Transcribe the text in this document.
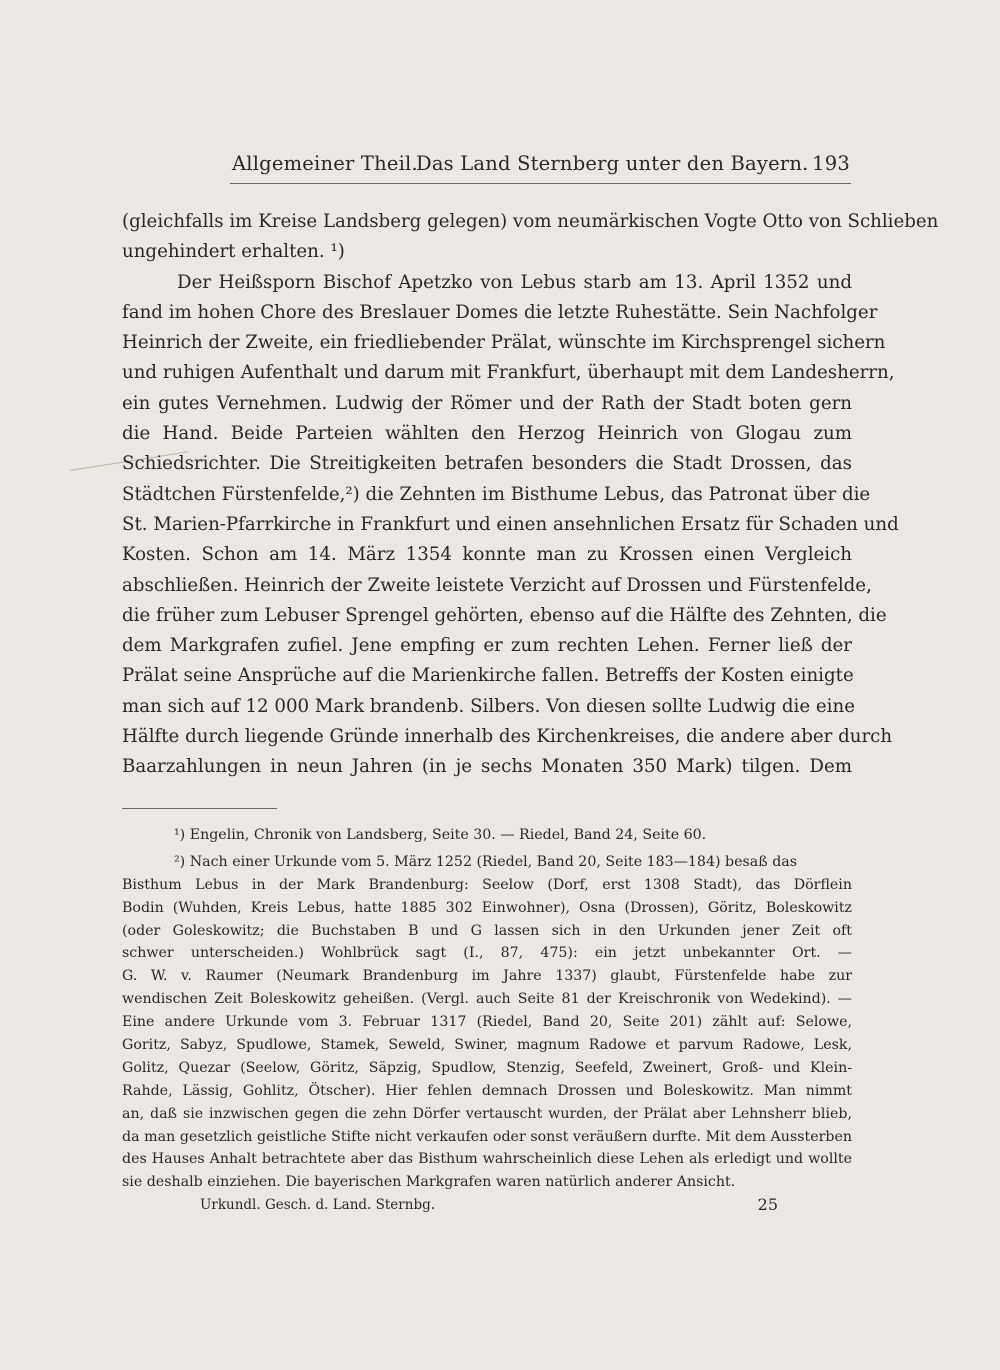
Allgemeiner Theil.
Das Land Sternberg unter den Bayern. 193
(gleichfalls im Kreise Landsberg gelegen) vom neumärkischen Vogte Otto von Schlieben
ungehindert erhalten. ¹)
Der Heißsporn Bischof Apetzko von Lebus starb am 13. April 1352 und
fand im hohen Chore des Breslauer Domes die letzte Ruhestätte. Sein Nachfolger
Heinrich der Zweite, ein friedliebender Prälat, wünschte im Kirchsprengel sichern
und ruhigen Aufenthalt und darum mit Frankfurt, überhaupt mit dem Landesherrn,
ein gutes Vernehmen. Ludwig der Römer und der Rath der Stadt boten gern
die Hand. Beide Parteien wählten den Herzog Heinrich von Glogau zum
Schiedsrichter. Die Streitigkeiten betrafen besonders die Stadt Drossen, das
Städtchen Fürstenfelde,²) die Zehnten im Bisthume Lebus, das Patronat über die
St. Marien-Pfarrkirche in Frankfurt und einen ansehnlichen Ersatz für Schaden und
Kosten. Schon am 14. März 1354 konnte man zu Krossen einen Vergleich
abschließen. Heinrich der Zweite leistete Verzicht auf Drossen und Fürstenfelde,
die früher zum Lebuser Sprengel gehörten, ebenso auf die Hälfte des Zehnten, die
dem Markgrafen zufiel. Jene empfing er zum rechten Lehen. Ferner ließ der
Prälat seine Ansprüche auf die Marienkirche fallen. Betreffs der Kosten einigte
man sich auf 12 000 Mark brandenb. Silbers. Von diesen sollte Ludwig die eine
Hälfte durch liegende Gründe innerhalb des Kirchenkreises, die andere aber durch
Baarzahlungen in neun Jahren (in je sechs Monaten 350 Mark) tilgen. Dem
¹) Engelin, Chronik von Landsberg, Seite 30. — Riedel, Band 24, Seite 60.
²) Nach einer Urkunde vom 5. März 1252 (Riedel, Band 20, Seite 183—184) besaß das
Bisthum Lebus in der Mark Brandenburg: Seelow (Dorf, erst 1308 Stadt), das Dörflein
Bodin (Wuhden, Kreis Lebus, hatte 1885 302 Einwohner), Osna (Drossen), Göritz, Boleskowitz
(oder Goleskowitz; die Buchstaben B und G lassen sich in den Urkunden jener Zeit oft
schwer unterscheiden.) Wohlbrück sagt (I., 87, 475): ein jetzt unbekannter Ort. —
G. W. v. Raumer (Neumark Brandenburg im Jahre 1337) glaubt, Fürstenfelde habe zur
wendischen Zeit Boleskowitz geheißen. (Vergl. auch Seite 81 der Kreischronik von Wedekind). —
Eine andere Urkunde vom 3. Februar 1317 (Riedel, Band 20, Seite 201) zählt auf: Selowe,
Goritz, Sabyz, Spudlowe, Stamek, Seweld, Swiner, magnum Radowe et parvum Radowe, Lesk,
Golitz, Quezar (Seelow, Göritz, Säpzig, Spudlow, Stenzig, Seefeld, Zweinert, Groß- und Klein-
Rahde, Lässig, Gohlitz, Ötscher). Hier fehlen demnach Drossen und Boleskowitz. Man nimmt
an, daß sie inzwischen gegen die zehn Dörfer vertauscht wurden, der Prälat aber Lehnsherr blieb,
da man gesetzlich geistliche Stifte nicht verkaufen oder sonst veräußern durfte. Mit dem Aussterben
des Hauses Anhalt betrachtete aber das Bisthum wahrscheinlich diese Lehen als erledigt und wollte
sie deshalb einziehen. Die bayerischen Markgrafen waren natürlich anderer Ansicht.
Urkundl. Gesch. d. Land. Sternbg.	25
